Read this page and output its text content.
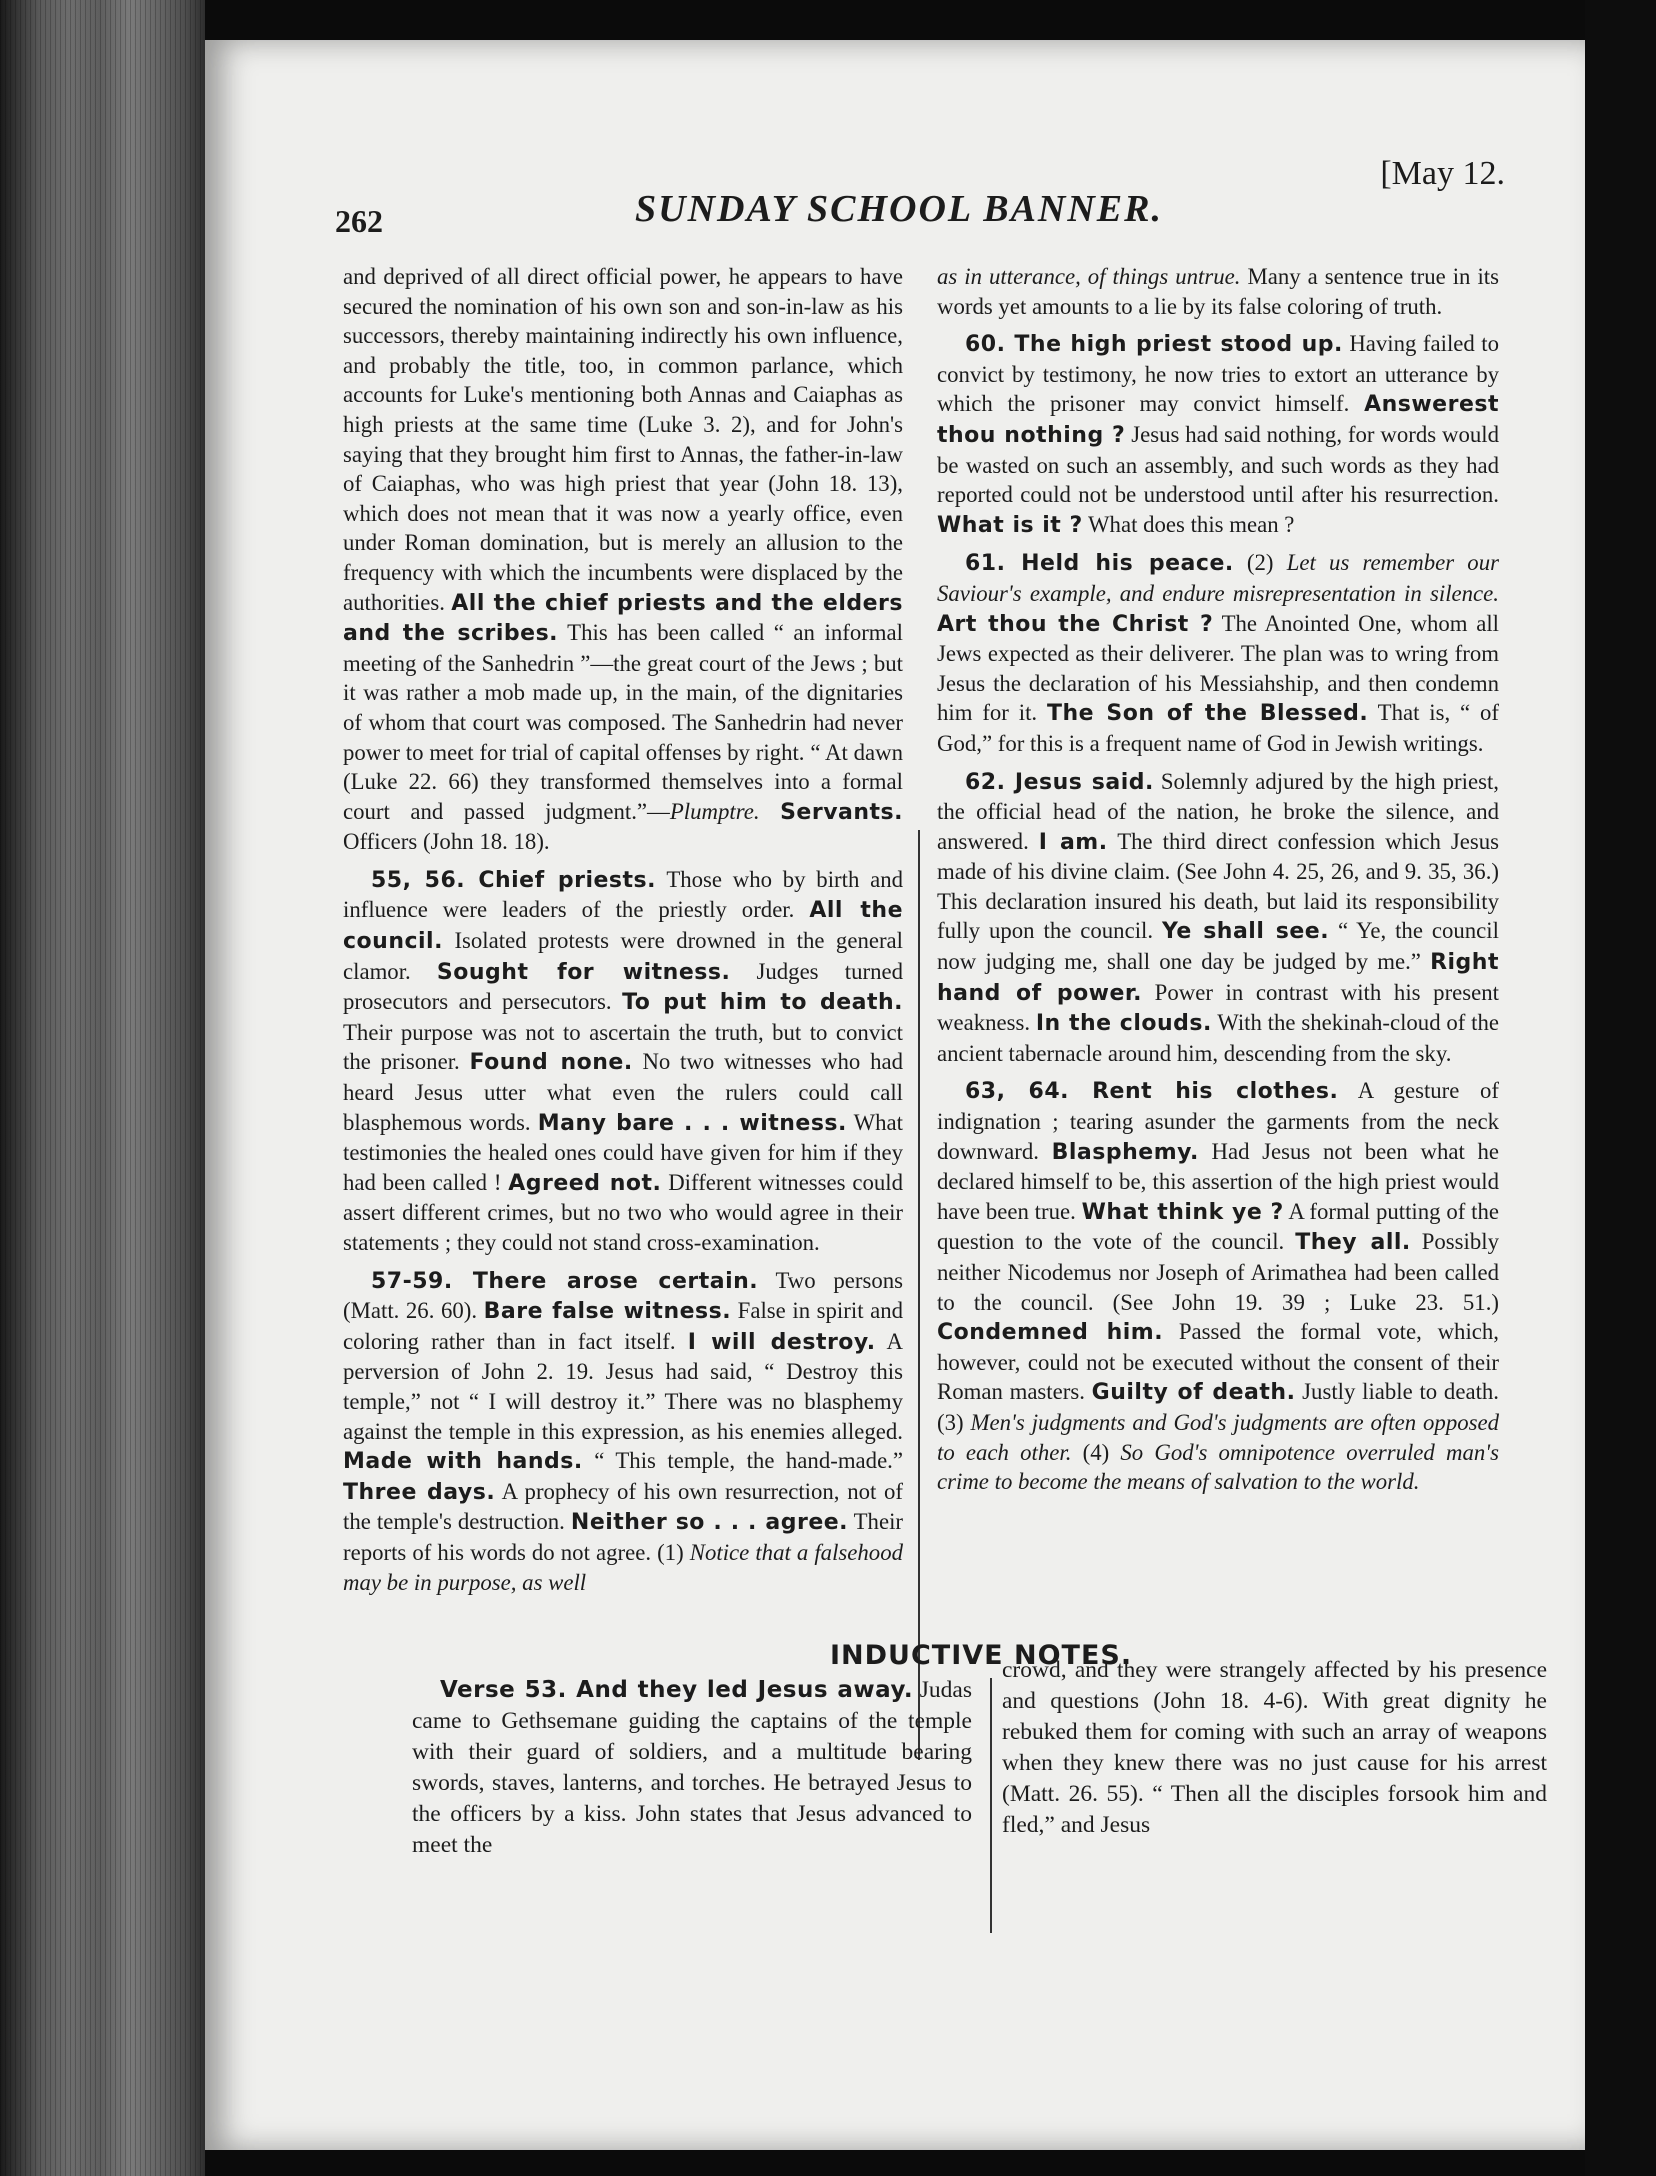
262	SUNDAY SCHOOL BANNER.
[May 12.

and deprived of all direct official power, he appears to have secured the nomination of his own son and son-in-law as his successors, thereby maintaining indirectly his own influence, and probably the title, too, in common parlance, which accounts for Luke's mentioning both Annas and Caiaphas as high priests at the same time (Luke 3. 2), and for John's saying that they brought him first to Annas, the father-in-law of Caiaphas, who was high priest that year (John 18. 13), which does not mean that it was now a yearly office, even under Roman domination, but is merely an allusion to the frequency with which the incumbents were displaced by the authorities. All the chief priests and the elders and the scribes. This has been called “ an informal meeting of the Sanhedrin ”—the great court of the Jews ; but it was rather a mob made up, in the main, of the dignitaries of whom that court was composed. The Sanhedrin had never power to meet for trial of capital offenses by right. “ At dawn (Luke 22. 66) they transformed themselves into a formal court and passed judgment.”—Plumptre. Servants. Officers (John 18. 18).

55, 56. Chief priests. Those who by birth and influence were leaders of the priestly order. All the council. Isolated protests were drowned in the general clamor. Sought for witness. Judges turned prosecutors and persecutors. To put him to death. Their purpose was not to ascertain the truth, but to convict the prisoner. Found none. No two witnesses who had heard Jesus utter what even the rulers could call blasphemous words. Many bare . . . witness. What testimonies the healed ones could have given for him if they had been called ! Agreed not. Different witnesses could assert different crimes, but no two who would agree in their statements ; they could not stand cross-examination.

57-59. There arose certain. Two persons (Matt. 26. 60). Bare false witness. False in spirit and coloring rather than in fact itself. I will destroy. A perversion of John 2. 19. Jesus had said, “ Destroy this temple,” not “ I will destroy it.” There was no blasphemy against the temple in this expression, as his enemies alleged. Made with hands. “ This temple, the hand-made.” Three days. A prophecy of his own resurrection, not of the temple's destruction. Neither so . . . agree. Their reports of his words do not agree. (1) Notice that a falsehood may be in purpose, as well

as in utterance, of things untrue. Many a sentence true in its words yet amounts to a lie by its false coloring of truth.

60. The high priest stood up. Having failed to convict by testimony, he now tries to extort an utterance by which the prisoner may convict himself. Answerest thou nothing ? Jesus had said nothing, for words would be wasted on such an assembly, and such words as they had reported could not be understood until after his resurrection. What is it ? What does this mean ?

61. Held his peace. (2) Let us remember our Saviour's example, and endure misrepresentation in silence. Art thou the Christ ? The Anointed One, whom all Jews expected as their deliverer. The plan was to wring from Jesus the declaration of his Messiahship, and then condemn him for it. The Son of the Blessed. That is, “ of God,” for this is a frequent name of God in Jewish writings.

62. Jesus said. Solemnly adjured by the high priest, the official head of the nation, he broke the silence, and answered. I am. The third direct confession which Jesus made of his divine claim. (See John 4. 25, 26, and 9. 35, 36.) This declaration insured his death, but laid its responsibility fully upon the council. Ye shall see. “ Ye, the council now judging me, shall one day be judged by me.” Right hand of power. Power in contrast with his present weakness. In the clouds. With the shekinah-cloud of the ancient tabernacle around him, descending from the sky.

63, 64. Rent his clothes. A gesture of indignation ; tearing asunder the garments from the neck downward. Blasphemy. Had Jesus not been what he declared himself to be, this assertion of the high priest would have been true. What think ye ? A formal putting of the question to the vote of the council. They all. Possibly neither Nicodemus nor Joseph of Arimathea had been called to the council. (See John 19. 39 ; Luke 23. 51.) Condemned him. Passed the formal vote, which, however, could not be executed without the consent of their Roman masters. Guilty of death. Justly liable to death. (3) Men's judgments and God's judgments are often opposed to each other. (4) So God's omnipotence overruled man's crime to become the means of salvation to the world.

INDUCTIVE NOTES.

Verse 53. And they led Jesus away. Judas came to Gethsemane guiding the captains of the temple with their guard of soldiers, and a multitude bearing swords, staves, lanterns, and torches. He betrayed Jesus to the officers by a kiss. John states that Jesus advanced to meet the

crowd, and they were strangely affected by his presence and questions (John 18. 4-6). With great dignity he rebuked them for coming with such an array of weapons when they knew there was no just cause for his arrest (Matt. 26. 55). “ Then all the disciples forsook him and fled,” and Jesus
